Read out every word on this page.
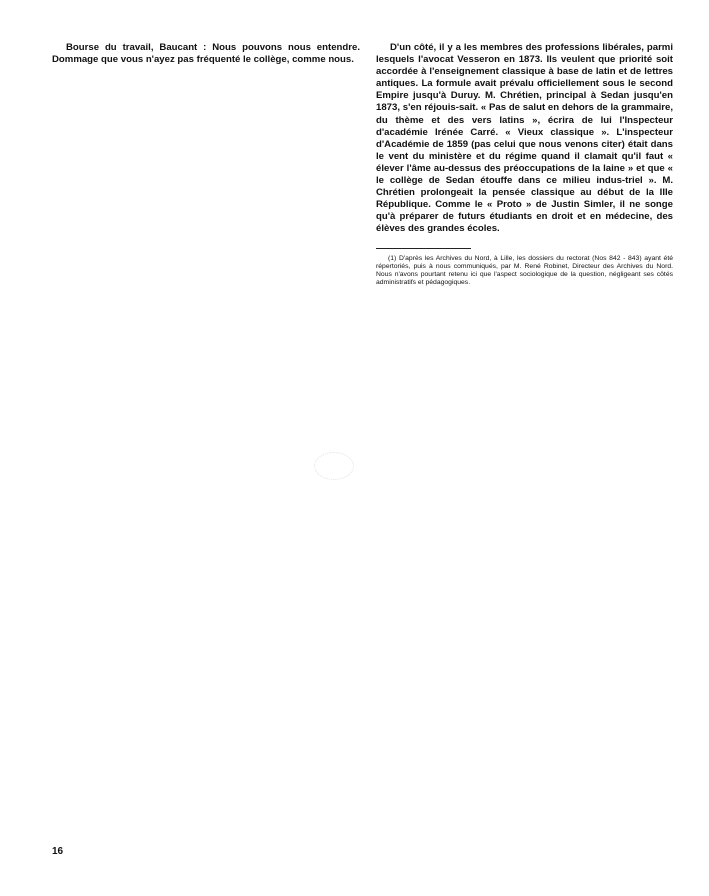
Bourse du travail, Baucant : Nous pouvons nous entendre. Dommage que vous n'ayez pas fréquenté le collège, comme nous.

D'un côté, il y a les membres des professions libérales, parmi lesquels l'avocat Vesseron en 1873. Ils veulent que priorité soit accordée à l'enseignement classique à base de latin et de lettres antiques. La formule avait prévalu officiellement sous le second Empire jusqu'à Duruy. M. Chrétien, principal à Sedan jusqu'en 1873, s'en réjouis-sait. « Pas de salut en dehors de la grammaire, du thème et des vers latins », écrira de lui l'Inspecteur d'académie Irénée Carré. « Vieux classique ». L'inspecteur d'Académie de 1859 (pas celui que nous venons citer) était dans le vent du ministère et du régime quand il clamait qu'il faut « élever l'âme au-dessus des préoccupations de la laine » et que « le collège de Sedan étouffe dans ce milieu indus-triel ». M. Chrétien prolongeait la pensée classique au début de la IIIe République. Comme le « Proto » de Justin Simler, il ne songe qu'à préparer de futurs étudiants en droit et en médecine, des élèves des grandes écoles.

(1) D'après les Archives du Nord, à Lille, les dossiers du rectorat (Nos 842 - 843) ayant été répertoriés, puis à nous communiqués, par M. René Robinet, Directeur des Archives du Nord. Nous n'avons pourtant retenu ici que l'aspect sociologique de la question, négligeant ses côtés administratifs et pédagogiques.

16
